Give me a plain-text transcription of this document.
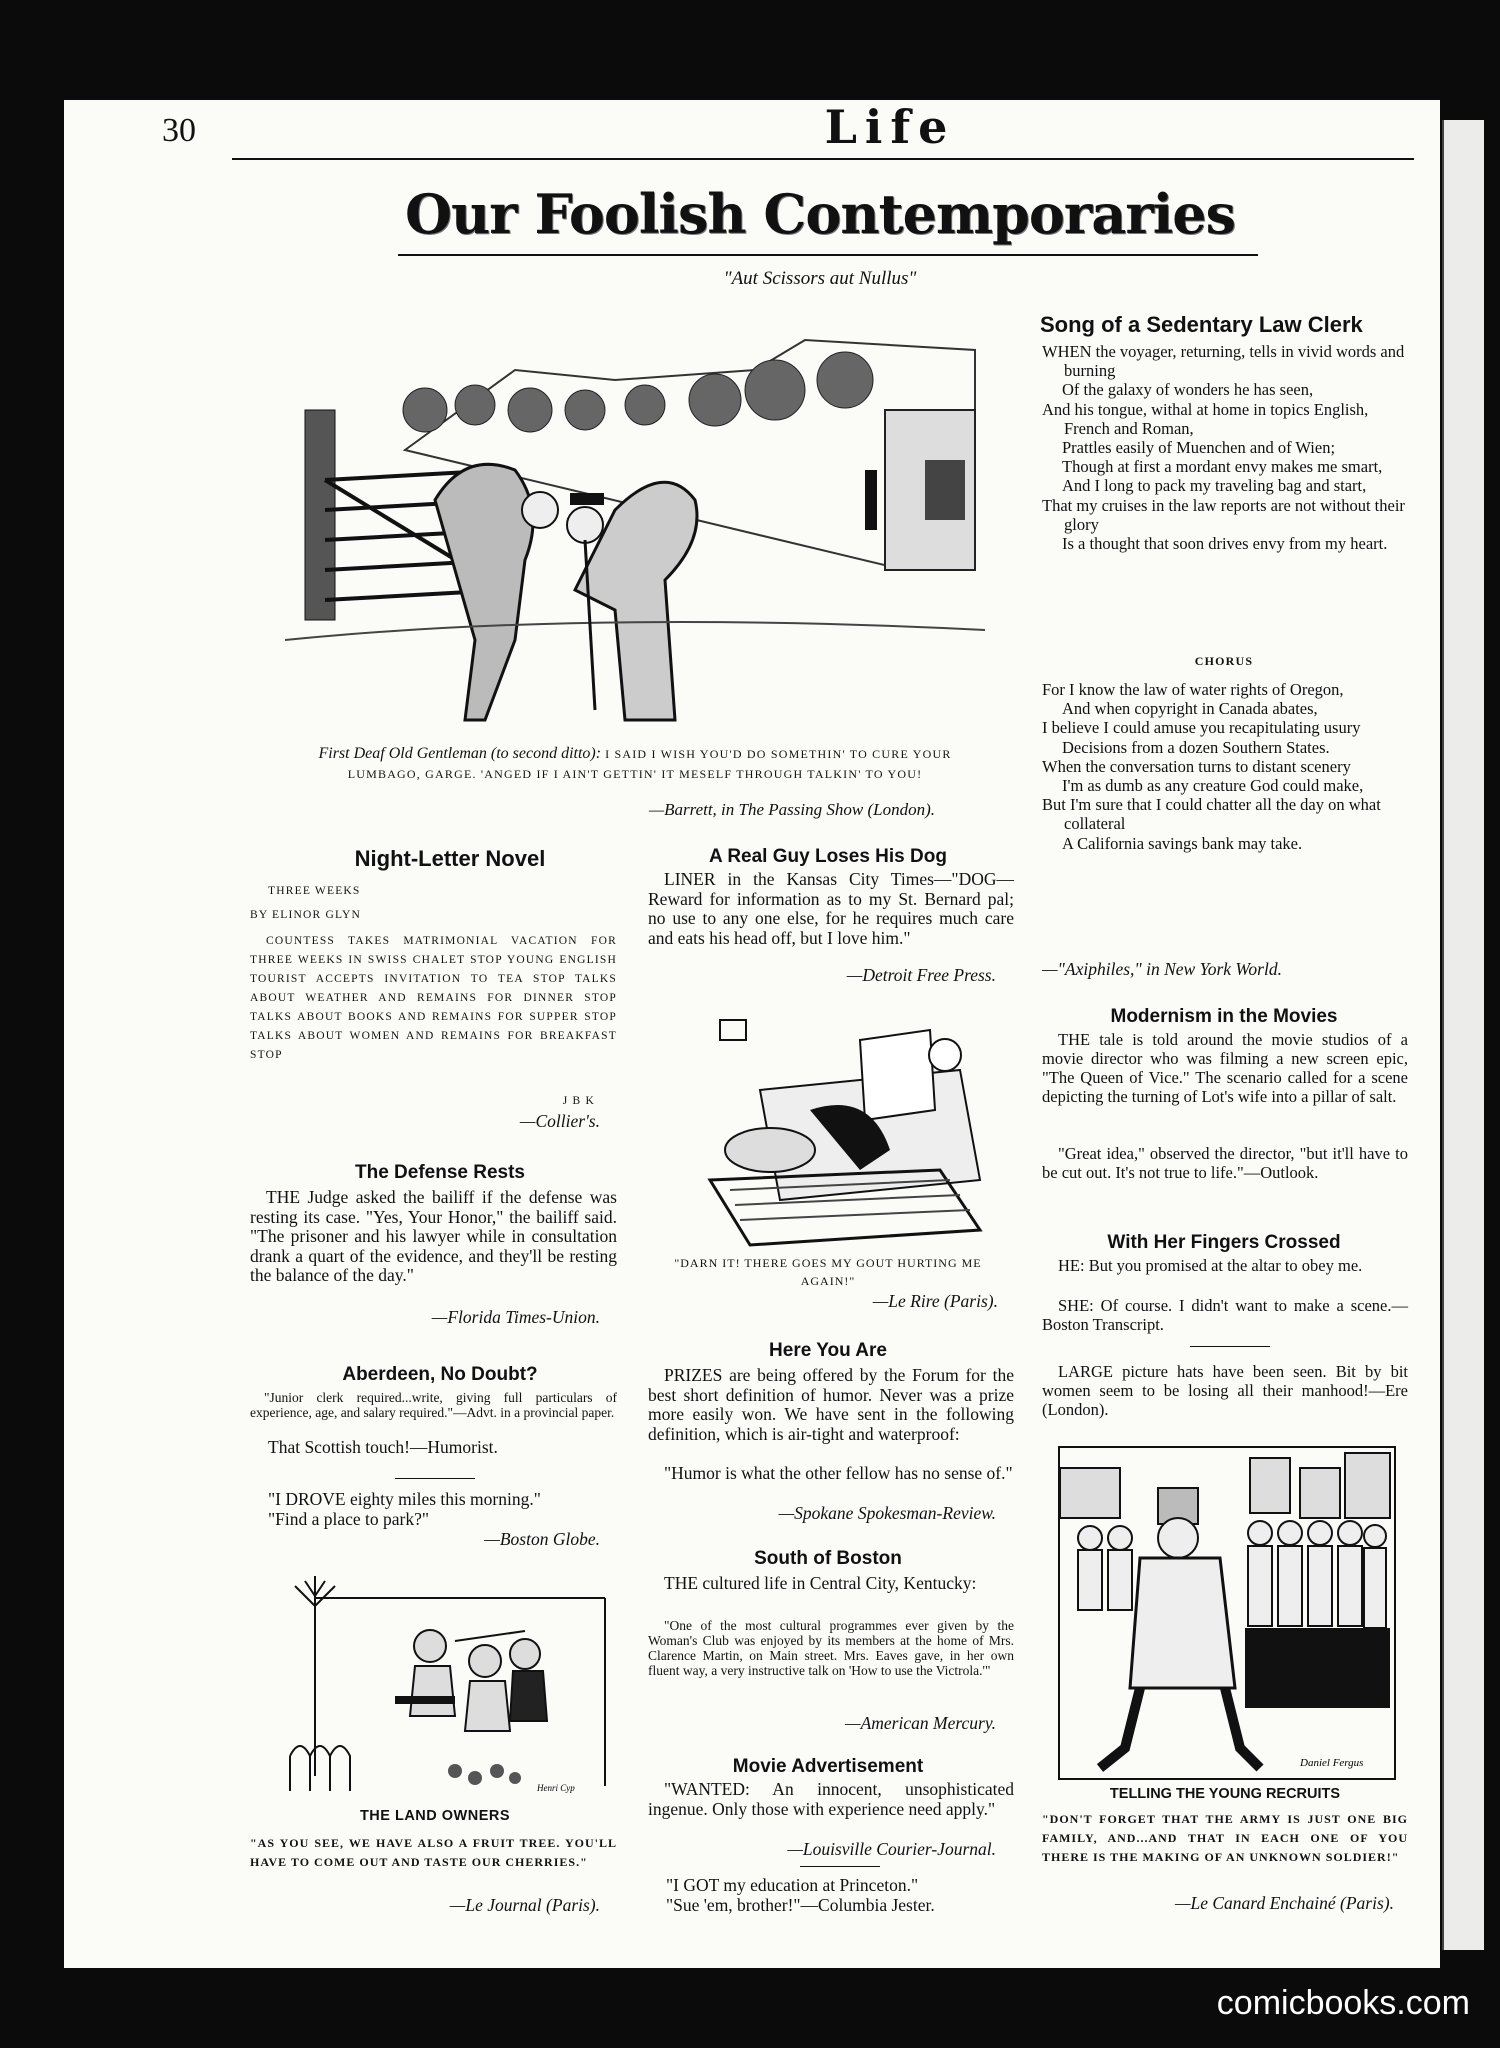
30	Life
Our Foolish Contemporaries
"Aut Scissors aut Nullus"
First Deaf Old Gentleman (to second ditto): I SAID I WISH YOU'D DO SOMETHIN' TO CURE YOUR LUMBAGO, GARGE. 'ANGED IF I AIN'T GETTIN' IT MESELF THROUGH TALKIN' TO YOU!
—Barrett, in The Passing Show (London).
Night-Letter Novel
THREE WEEKS
BY ELINOR GLYN
COUNTESS TAKES MATRIMONIAL VACATION FOR THREE WEEKS IN SWISS CHALET STOP YOUNG ENGLISH TOURIST ACCEPTS INVITATION TO TEA STOP TALKS ABOUT WEATHER AND REMAINS FOR DINNER STOP TALKS ABOUT BOOKS AND REMAINS FOR SUPPER STOP TALKS ABOUT WOMEN AND REMAINS FOR BREAKFAST STOP
J B K
—Collier's.
The Defense Rests
THE Judge asked the bailiff if the defense was resting its case. "Yes, Your Honor," the bailiff said. "The prisoner and his lawyer while in consultation drank a quart of the evidence, and they'll be resting the balance of the day."
—Florida Times-Union.
Aberdeen, No Doubt?
"Junior clerk required...write, giving full particulars of experience, age, and salary required."—Advt. in a provincial paper.
That Scottish touch!—Humorist.
"I DROVE eighty miles this morning."
"Find a place to park?"
—Boston Globe.
Henri Cyp
THE LAND OWNERS
"AS YOU SEE, WE HAVE ALSO A FRUIT TREE. YOU'LL HAVE TO COME OUT AND TASTE OUR CHERRIES."
—Le Journal (Paris).
A Real Guy Loses His Dog
LINER in the Kansas City Times—"DOG—Reward for information as to my St. Bernard pal; no use to any one else, for he requires much care and eats his head off, but I love him."
—Detroit Free Press.
"DARN IT! THERE GOES MY GOUT HURTING ME AGAIN!"
—Le Rire (Paris).
Here You Are
PRIZES are being offered by the Forum for the best short definition of humor. Never was a prize more easily won. We have sent in the following definition, which is air-tight and waterproof:
"Humor is what the other fellow has no sense of."
—Spokane Spokesman-Review.
South of Boston
THE cultured life in Central City, Kentucky:
"One of the most cultural programmes ever given by the Woman's Club was enjoyed by its members at the home of Mrs. Clarence Martin, on Main street. Mrs. Eaves gave, in her own fluent way, a very instructive talk on 'How to use the Victrola.'"
—American Mercury.
Movie Advertisement
"WANTED: An innocent, unsophisticated ingenue. Only those with experience need apply."
—Louisville Courier-Journal.
"I GOT my education at Princeton."
"Sue 'em, brother!"—Columbia Jester.
Song of a Sedentary Law Clerk
WHEN the voyager, returning, tells in vivid words and burning
Of the galaxy of wonders he has seen,
And his tongue, withal at home in topics English, French and Roman,
Prattles easily of Muenchen and of Wien;
Though at first a mordant envy makes me smart,
And I long to pack my traveling bag and start,
That my cruises in the law reports are not without their glory
Is a thought that soon drives envy from my heart.
CHORUS
For I know the law of water rights of Oregon,
And when copyright in Canada abates,
I believe I could amuse you recapitulating usury
Decisions from a dozen Southern States.
When the conversation turns to distant scenery
I'm as dumb as any creature God could make,
But I'm sure that I could chatter all the day on what collateral
A California savings bank may take.
—"Axiphiles," in New York World.
Modernism in the Movies
THE tale is told around the movie studios of a movie director who was filming a new screen epic, "The Queen of Vice." The scenario called for a scene depicting the turning of Lot's wife into a pillar of salt.
"Great idea," observed the director, "but it'll have to be cut out. It's not true to life."—Outlook.
With Her Fingers Crossed
HE: But you promised at the altar to obey me.
SHE: Of course. I didn't want to make a scene.—Boston Transcript.
LARGE picture hats have been seen. Bit by bit women seem to be losing all their manhood!—Ere (London).
Daniel Fergus
TELLING THE YOUNG RECRUITS
"DON'T FORGET THAT THE ARMY IS JUST ONE BIG FAMILY, AND...AND THAT IN EACH ONE OF YOU THERE IS THE MAKING OF AN UNKNOWN SOLDIER!"
—Le Canard Enchainé (Paris).
comicbooks.com
